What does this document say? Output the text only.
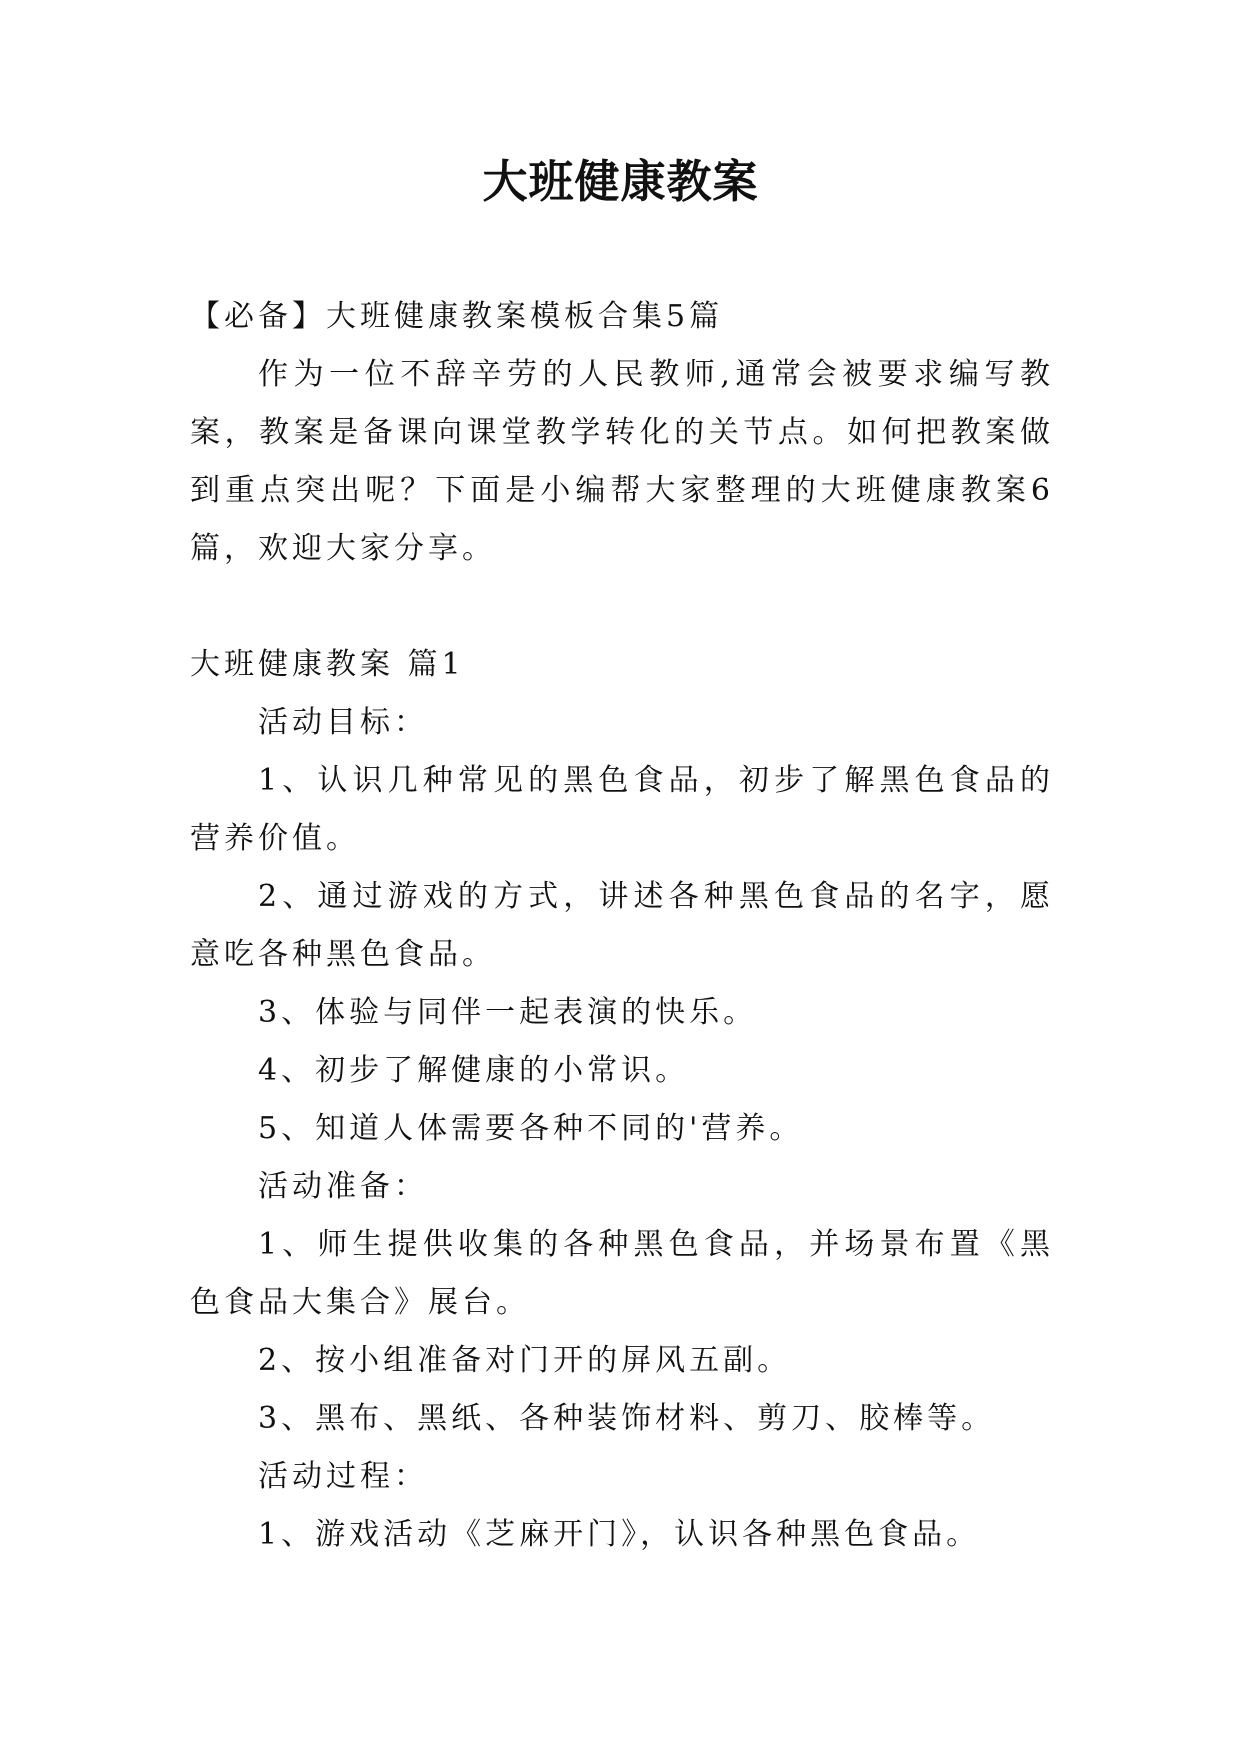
大班健康教案

【必备】大班健康教案模板合集5篇

作为一位不辞辛劳的人民教师,通常会被要求编写教案，教案是备课向课堂教学转化的关节点。如何把教案做到重点突出呢？下面是小编帮大家整理的大班健康教案6篇，欢迎大家分享。

大班健康教案 篇1

活动目标：

1、认识几种常见的黑色食品，初步了解黑色食品的营养价值。

2、通过游戏的方式，讲述各种黑色食品的名字，愿意吃各种黑色食品。

3、体验与同伴一起表演的快乐。

4、初步了解健康的小常识。

5、知道人体需要各种不同的'营养。

活动准备：

1、师生提供收集的各种黑色食品，并场景布置《黑色食品大集合》展台。

2、按小组准备对门开的屏风五副。

3、黑布、黑纸、各种装饰材料、剪刀、胶棒等。

活动过程：

1、游戏活动《芝麻开门》，认识各种黑色食品。
